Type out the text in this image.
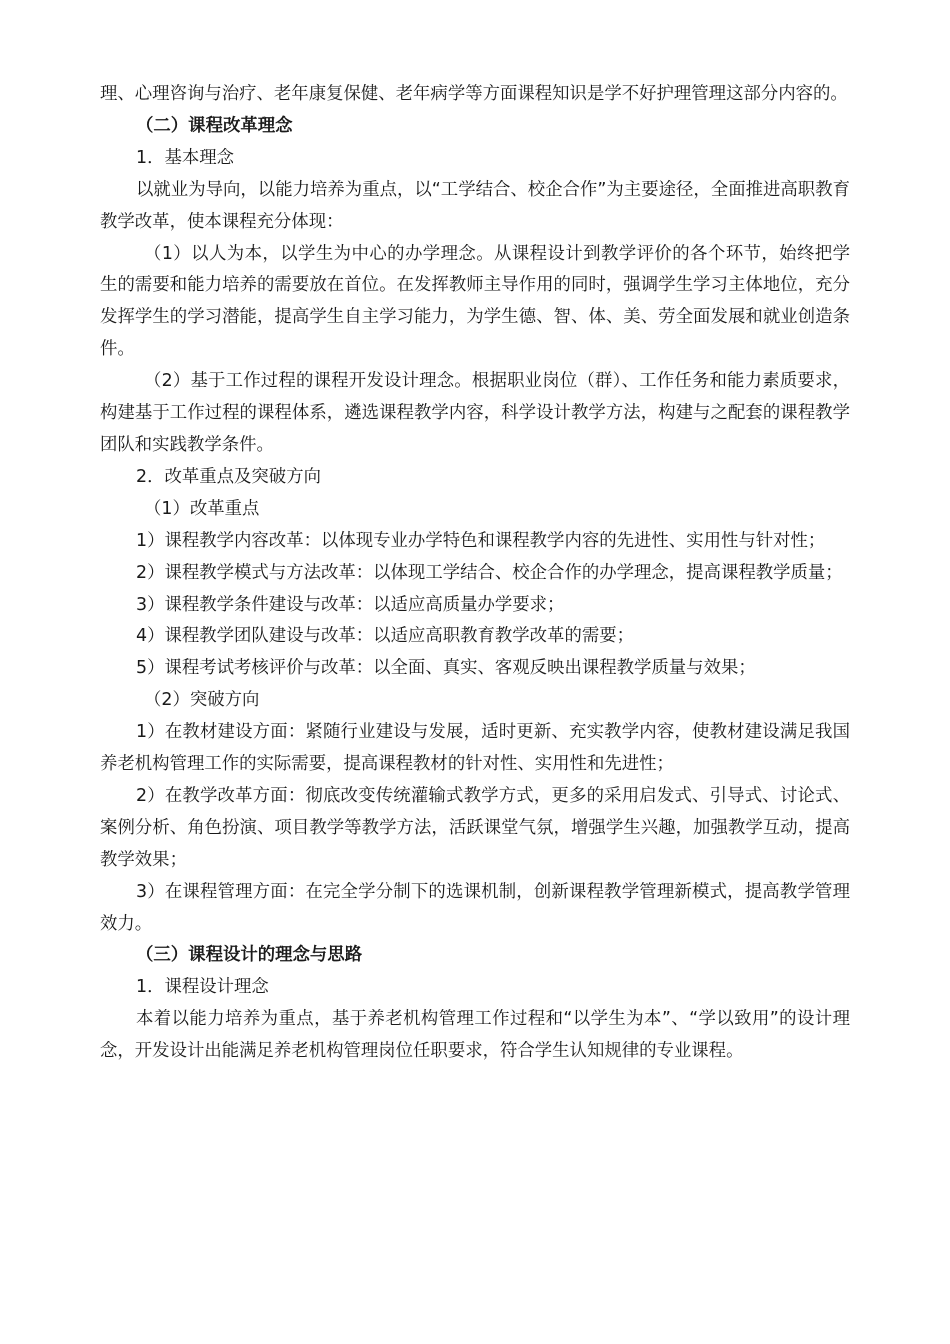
理、心理咨询与治疗、老年康复保健、老年病学等方面课程知识是学不好护理管理这部分内容的。

（二）课程改革理念

1．基本理念

以就业为导向，以能力培养为重点，以“工学结合、校企合作”为主要途径，全面推进高职教育教学改革，使本课程充分体现：

（1）以人为本，以学生为中心的办学理念。从课程设计到教学评价的各个环节，始终把学生的需要和能力培养的需要放在首位。在发挥教师主导作用的同时，强调学生学习主体地位，充分发挥学生的学习潜能，提高学生自主学习能力，为学生德、智、体、美、劳全面发展和就业创造条件。

（2）基于工作过程的课程开发设计理念。根据职业岗位（群）、工作任务和能力素质要求，构建基于工作过程的课程体系，遴选课程教学内容，科学设计教学方法，构建与之配套的课程教学团队和实践教学条件。

2．改革重点及突破方向

（1）改革重点

1）课程教学内容改革：以体现专业办学特色和课程教学内容的先进性、实用性与针对性；

2）课程教学模式与方法改革：以体现工学结合、校企合作的办学理念，提高课程教学质量；

3）课程教学条件建设与改革：以适应高质量办学要求；

4）课程教学团队建设与改革：以适应高职教育教学改革的需要；

5）课程考试考核评价与改革：以全面、真实、客观反映出课程教学质量与效果；

（2）突破方向

1）在教材建设方面：紧随行业建设与发展，适时更新、充实教学内容，使教材建设满足我国养老机构管理工作的实际需要，提高课程教材的针对性、实用性和先进性；

2）在教学改革方面：彻底改变传统灌输式教学方式，更多的采用启发式、引导式、讨论式、案例分析、角色扮演、项目教学等教学方法，活跃课堂气氛，增强学生兴趣，加强教学互动，提高教学效果；

3）在课程管理方面：在完全学分制下的选课机制，创新课程教学管理新模式，提高教学管理效力。

（三）课程设计的理念与思路

1．课程设计理念

本着以能力培养为重点，基于养老机构管理工作过程和“以学生为本”、“学以致用”的设计理念，开发设计出能满足养老机构管理岗位任职要求，符合学生认知规律的专业课程。
